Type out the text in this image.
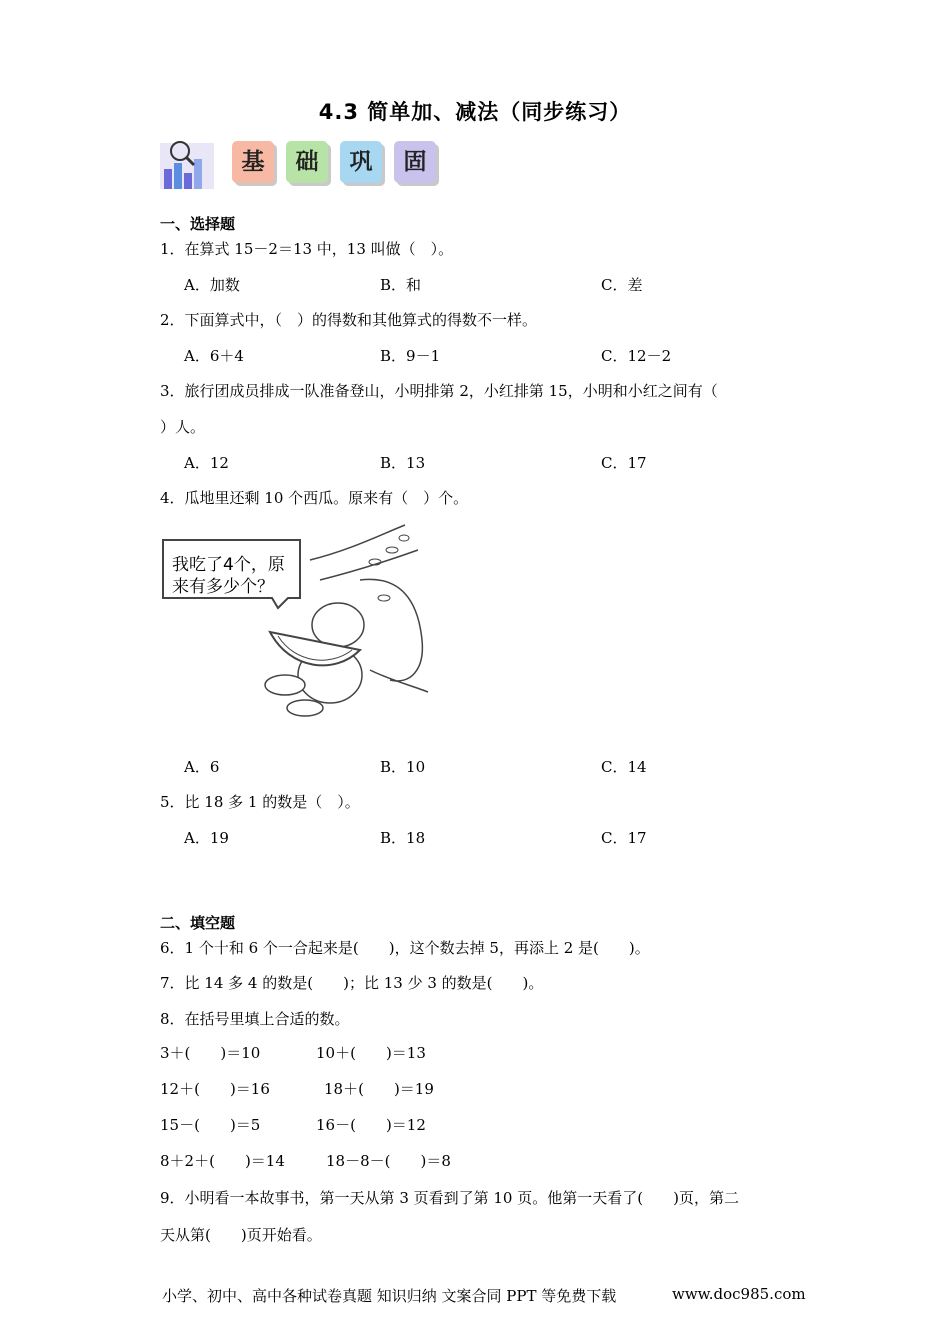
4.3 简单加、减法（同步练习）
基	础	巩	固
一、选择题
1．在算式 15－2＝13 中，13 叫做（　）。
A．加数	B．和	C．差
2．下面算式中，（　）的得数和其他算式的得数不一样。
A．6＋4	B．9－1	C．12－2
3．旅行团成员排成一队准备登山，小明排第 2，小红排第 15，小明和小红之间有（
）人。
A．12	B．13	C．17
4．瓜地里还剩 10 个西瓜。原来有（　）个。
我吃了4个，原
来有多少个？
A．6	B．10	C．14
5．比 18 多 1 的数是（　）。
A．19	B．18	C．17
二、填空题
6．1 个十和 6 个一合起来是(　　)，这个数去掉 5，再添上 2 是(　　)。
7．比 14 多 4 的数是(　　)；比 13 少 3 的数是(　　)。
8．在括号里填上合适的数。
3＋(　　)＝10	10＋(　　)＝13
12＋(　　)＝16	18＋(　　)＝19
15－(　　)＝5	16－(　　)＝12
8＋2＋(　　)＝14	18－8－(　　)＝8
9．小明看一本故事书，第一天从第 3 页看到了第 10 页。他第一天看了(　　)页，第二
天从第(　　)页开始看。
小学、初中、高中各种试卷真题 知识归纳 文案合同 PPT 等免费下载	www.doc985.com
